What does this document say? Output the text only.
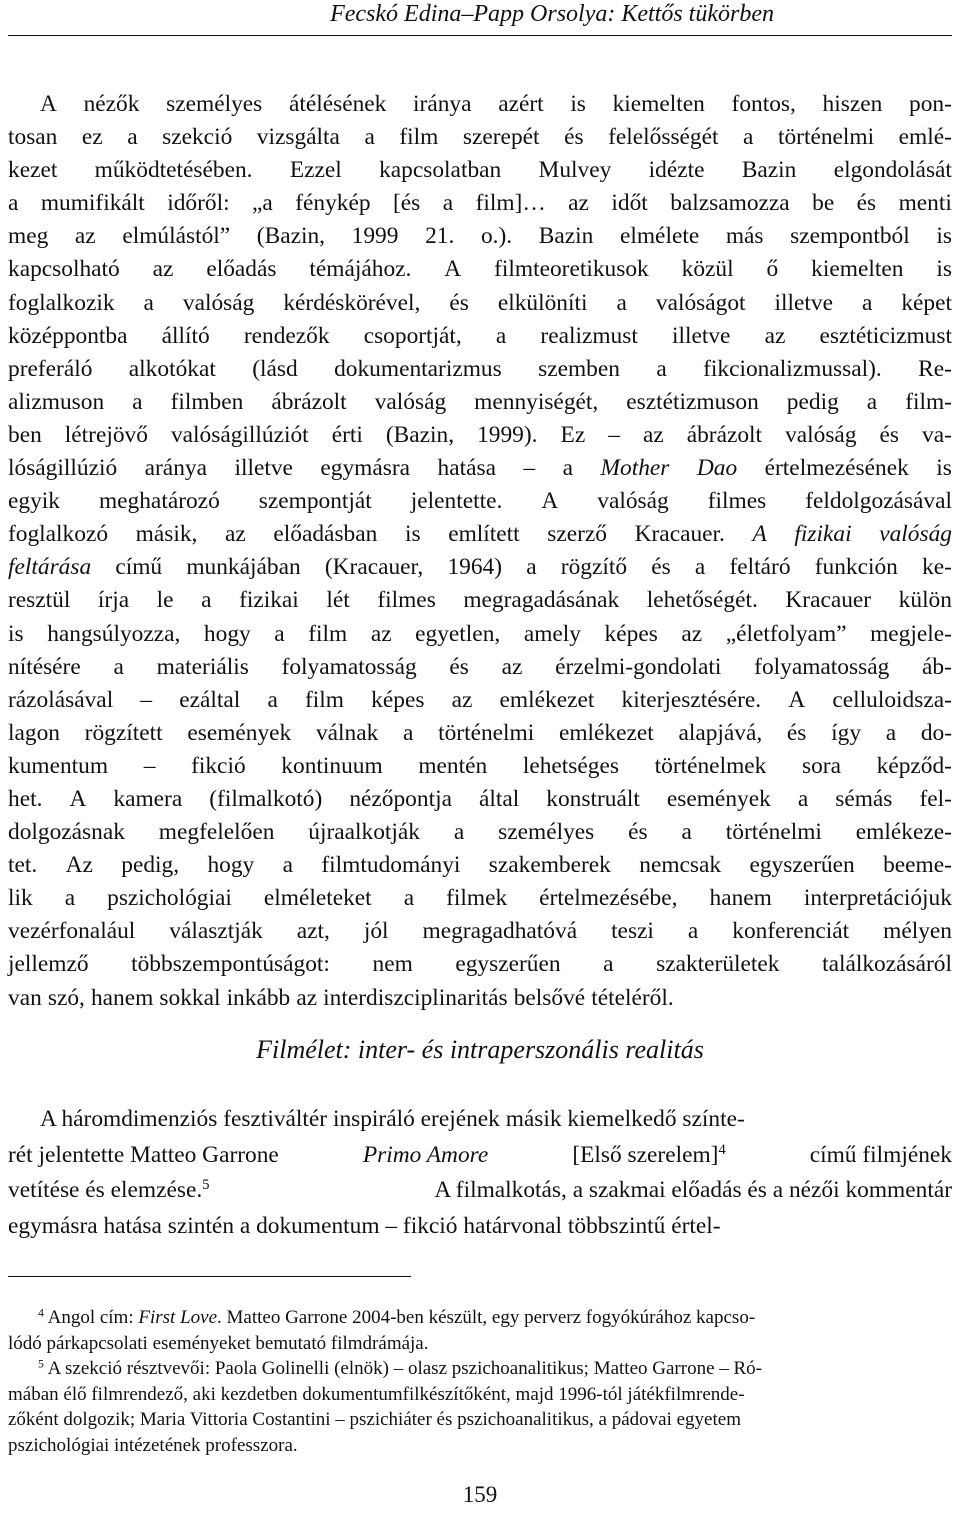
Fecskó Edina–Papp Orsolya: Kettős tükörben
A nézők személyes átélésének iránya azért is kiemelten fontos, hiszen pon-
tosan ez a szekció vizsgálta a film szerepét és felelősségét a történelmi emlé-
kezet működtetésében. Ezzel kapcsolatban Mulvey idézte Bazin elgondolását
a mumifikált időről: „a fénykép [és a film]… az időt balzsamozza be és menti
meg az elmúlástól” (Bazin, 1999 21. o.). Bazin elmélete más szempontból is
kapcsolható az előadás témájához. A filmteoretikusok közül ő kiemelten is
foglalkozik a valóság kérdéskörével, és elkülöníti a valóságot illetve a képet
középpontba állító rendezők csoportját, a realizmust illetve az esztéticizmust
preferáló alkotókat (lásd dokumentarizmus szemben a fikcionalizmussal). Re-
alizmuson a filmben ábrázolt valóság mennyiségét, esztétizmuson pedig a film-
ben létrejövő valóságillúziót érti (Bazin, 1999). Ez – az ábrázolt valóság és va-
lóságillúzió aránya illetve egymásra hatása – a Mother Dao értelmezésének is
egyik meghatározó szempontját jelentette. A valóság filmes feldolgozásával
foglalkozó másik, az előadásban is említett szerző Kracauer. A fizikai valóság
feltárása című munkájában (Kracauer, 1964) a rögzítő és a feltáró funkción ke-
resztül írja le a fizikai lét filmes megragadásának lehetőségét. Kracauer külön
is hangsúlyozza, hogy a film az egyetlen, amely képes az „életfolyam” megjele-
nítésére a materiális folyamatosság és az érzelmi-gondolati folyamatosság áb-
rázolásával – ezáltal a film képes az emlékezet kiterjesztésére. A celluloidsza-
lagon rögzített események válnak a történelmi emlékezet alapjává, és így a do-
kumentum – fikció kontinuum mentén lehetséges történelmek sora képződ-
het. A kamera (filmalkotó) nézőpontja által konstruált események a sémás fel-
dolgozásnak megfelelően újraalkotják a személyes és a történelmi emlékeze-
tet. Az pedig, hogy a filmtudományi szakemberek nemcsak egyszerűen beeme-
lik a pszichológiai elméleteket a filmek értelmezésébe, hanem interpretációjuk
vezérfonalául választják azt, jól megragadhatóvá teszi a konferenciát mélyen
jellemző többszempontúságot: nem egyszerűen a szakterületek találkozásáról
van szó, hanem sokkal inkább az interdiszciplinaritás belsővé tételéről.
Filmélet: inter- és intraperszonális realitás
A háromdimenziós fesztiváltér inspiráló erejének másik kiemelkedő színte-
rét jelentette Matteo Garrone	Primo Amore	[Első szerelem]$^4$	című filmjének
vetítése és elemzése.$^5$	A filmalkotás, a szakmai előadás és a nézői kommentár
egymásra hatása szintén a dokumentum – fikció határvonal többszintű értel-
$^4$ Angol cím: First Love. Matteo Garrone 2004-ben készült, egy perverz fogyókúrához kapcso-
lódó párkapcsolati eseményeket bemutató filmdrámája.
$^5$ A szekció résztvevői: Paola Golinelli (elnök) – olasz pszichoanalitikus; Matteo Garrone – Ró-
mában élő filmrendező, aki kezdetben dokumentumfilkészítőként, majd 1996-tól játékfilmrende-
zőként dolgozik; Maria Vittoria Costantini – pszichiáter és pszichoanalitikus, a pádovai egyetem
pszichológiai intézetének professzora.
159
